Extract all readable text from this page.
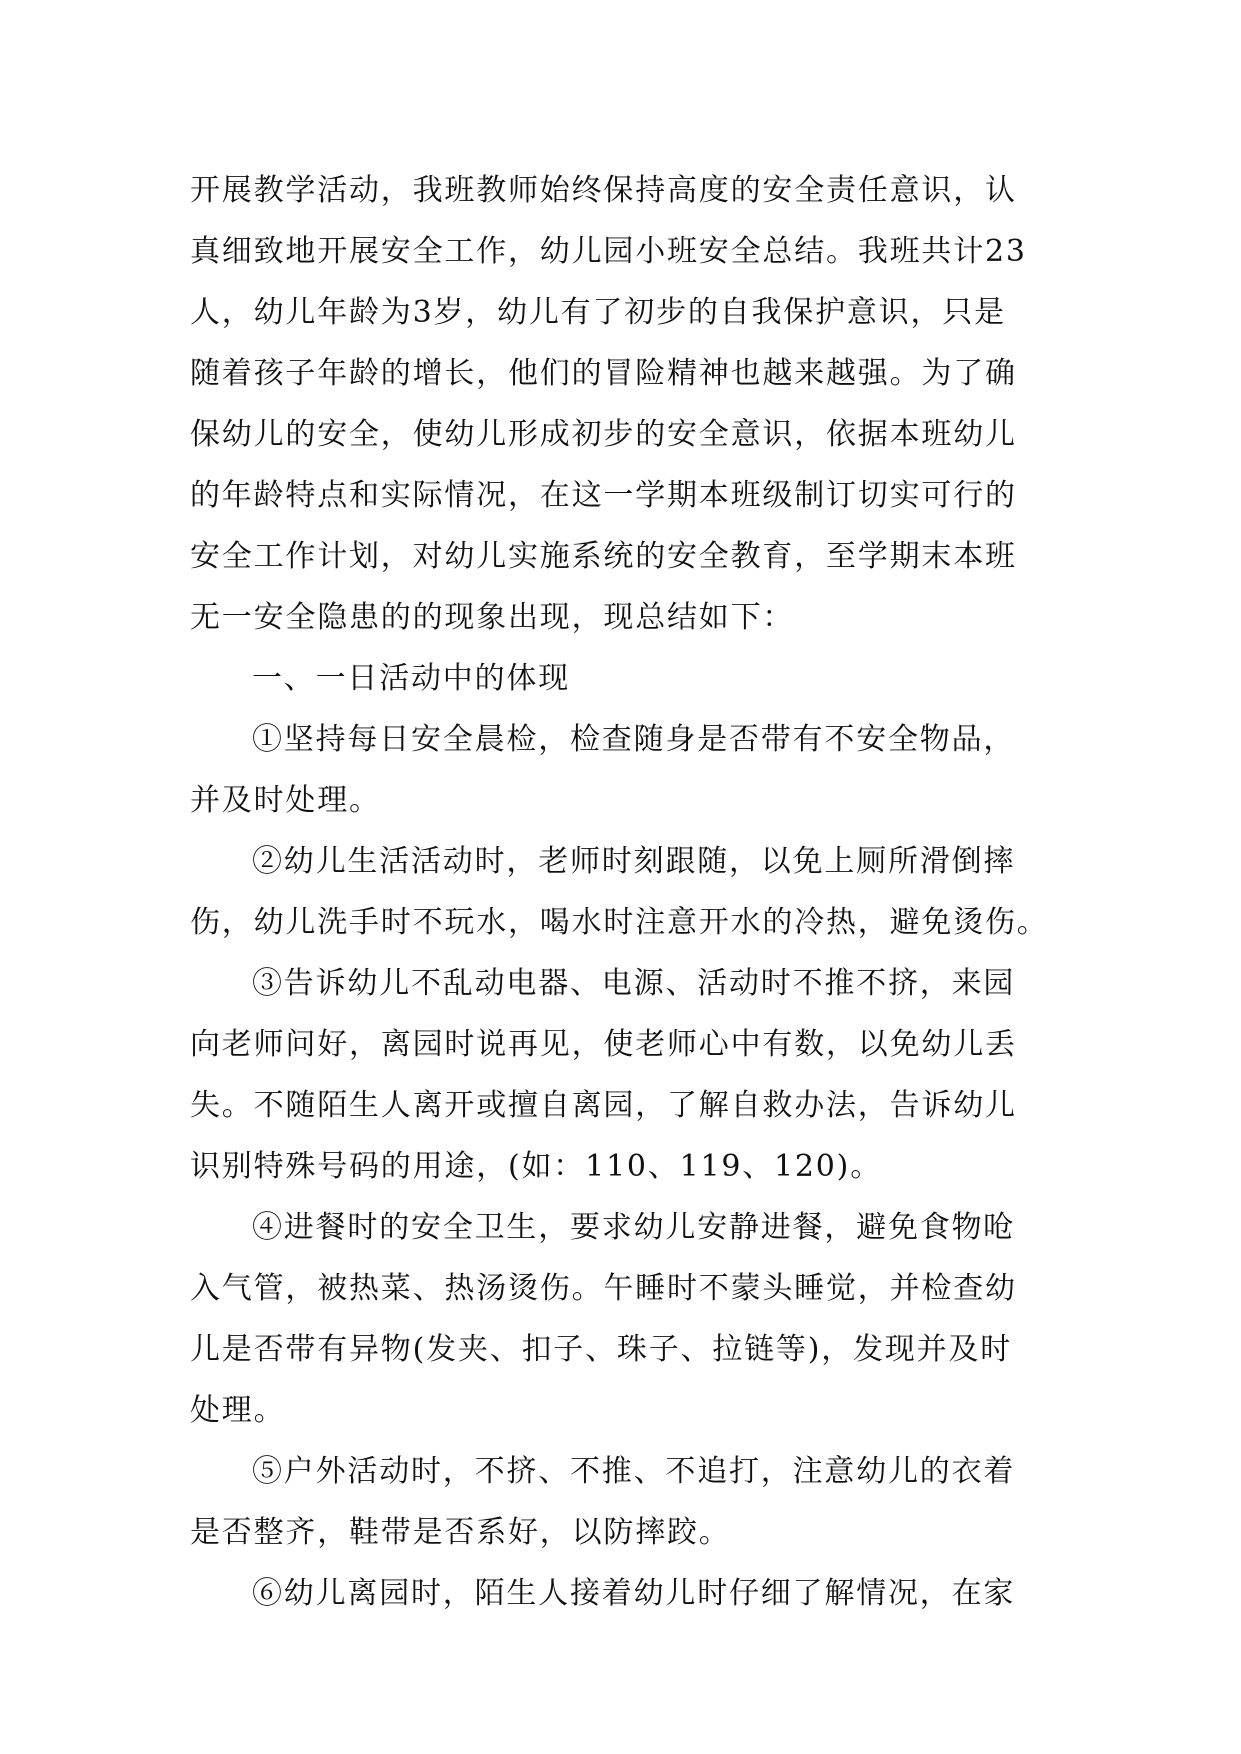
开展教学活动，我班教师始终保持高度的安全责任意识，认
真细致地开展安全工作，幼儿园小班安全总结。我班共计23
人，幼儿年龄为3岁，幼儿有了初步的自我保护意识，只是
随着孩子年龄的增长，他们的冒险精神也越来越强。为了确
保幼儿的安全，使幼儿形成初步的安全意识，依据本班幼儿
的年龄特点和实际情况，在这一学期本班级制订切实可行的
安全工作计划，对幼儿实施系统的安全教育，至学期末本班
无一安全隐患的的现象出现，现总结如下：
一、一日活动中的体现
①坚持每日安全晨检，检查随身是否带有不安全物品，
并及时处理。
②幼儿生活活动时，老师时刻跟随，以免上厕所滑倒摔
伤，幼儿洗手时不玩水，喝水时注意开水的冷热，避免烫伤。
③告诉幼儿不乱动电器、电源、活动时不推不挤，来园
向老师问好，离园时说再见，使老师心中有数，以免幼儿丢
失。不随陌生人离开或擅自离园，了解自救办法，告诉幼儿
识别特殊号码的用途，(如：110、119、120)。
④进餐时的安全卫生，要求幼儿安静进餐，避免食物呛
入气管，被热菜、热汤烫伤。午睡时不蒙头睡觉，并检查幼
儿是否带有异物(发夹、扣子、珠子、拉链等)，发现并及时
处理。
⑤户外活动时，不挤、不推、不追打，注意幼儿的衣着
是否整齐，鞋带是否系好，以防摔跤。
⑥幼儿离园时，陌生人接着幼儿时仔细了解情况，在家
